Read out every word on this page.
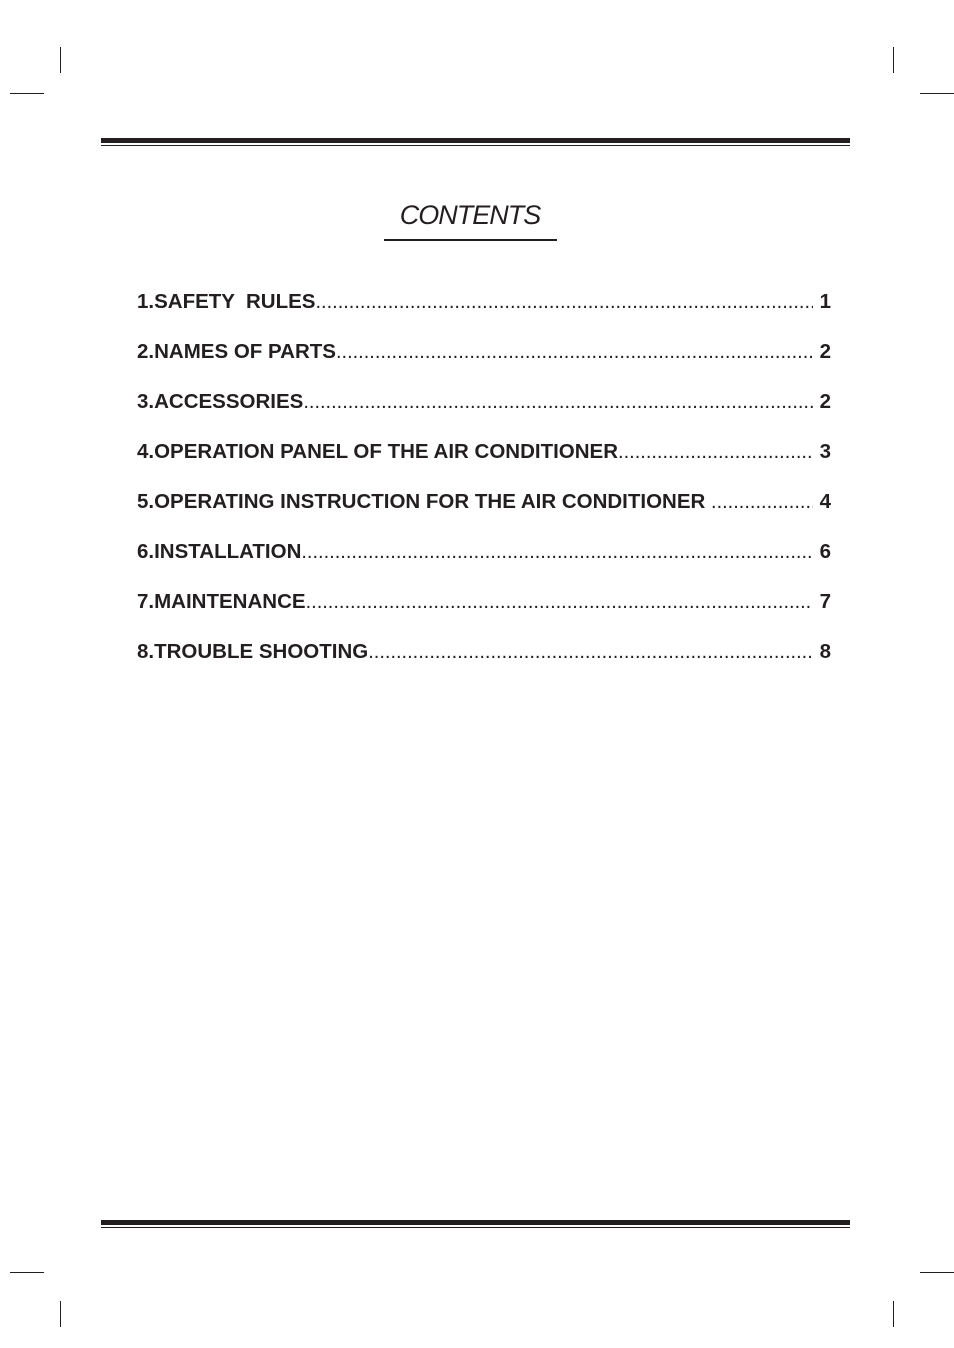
CONTENTS
1.SAFETY  RULES .....	1
2.NAMES OF PARTS .....	2
3.ACCESSORIES .....	2
4.OPERATION PANEL OF THE AIR CONDITIONER .....	3
5.OPERATING INSTRUCTION FOR THE AIR CONDITIONER .....	4
6.INSTALLATION .....	6
7.MAINTENANCE .....	7
8.TROUBLE SHOOTING .....	8
